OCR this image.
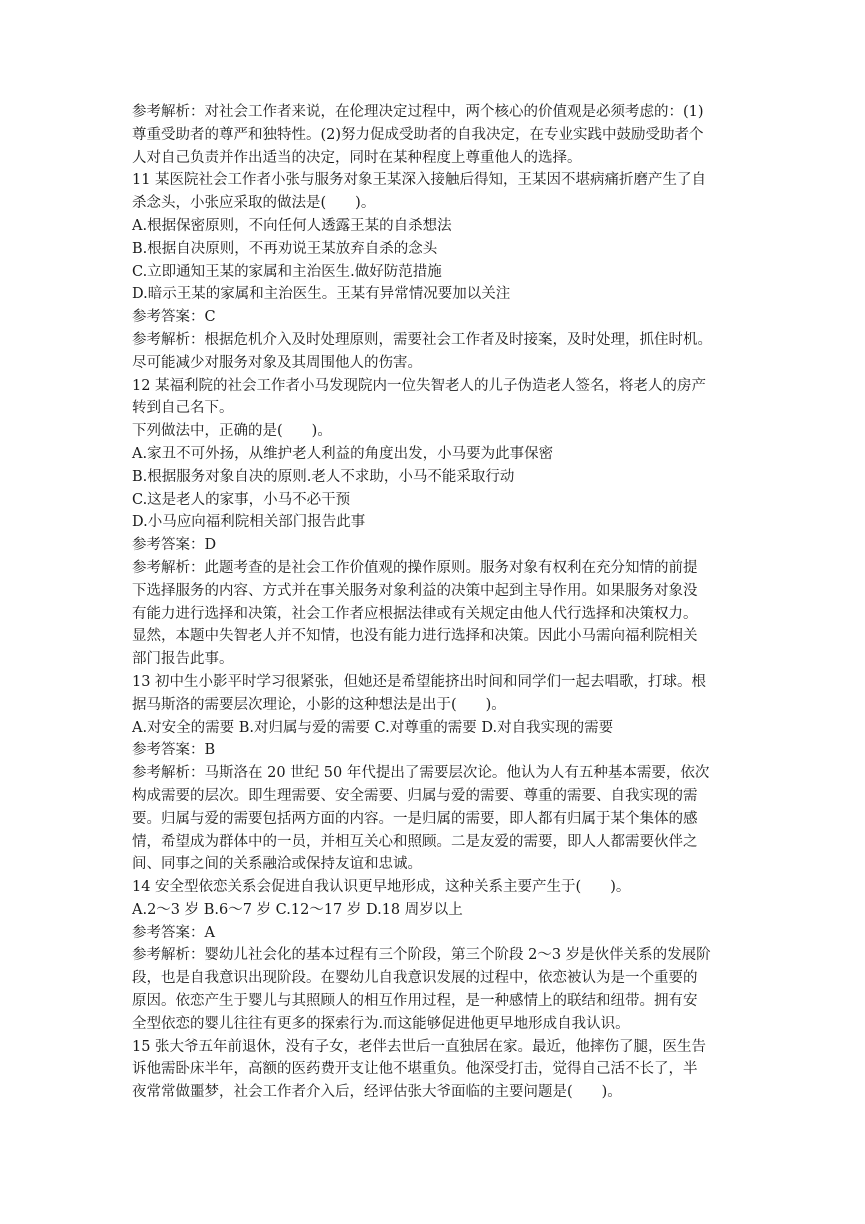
参考解析：对社会工作者来说，在伦理决定过程中，两个核心的价值观是必须考虑的：(1)
尊重受助者的尊严和独特性。(2)努力促成受助者的自我决定，在专业实践中鼓励受助者个
人对自己负责并作出适当的决定，同时在某种程度上尊重他人的选择。
11 某医院社会工作者小张与服务对象王某深入接触后得知，王某因不堪病痛折磨产生了自
杀念头，小张应采取的做法是(　　)。
A.根据保密原则，不向任何人透露王某的自杀想法
B.根据自决原则，不再劝说王某放弃自杀的念头
C.立即通知王某的家属和主治医生.做好防范措施
D.暗示王某的家属和主治医生。王某有异常情况要加以关注
参考答案：C
参考解析：根据危机介入及时处理原则，需要社会工作者及时接案，及时处理，抓住时机。
尽可能减少对服务对象及其周围他人的伤害。
12 某福利院的社会工作者小马发现院内一位失智老人的儿子伪造老人签名，将老人的房产
转到自己名下。
下列做法中，正确的是(　　)。
A.家丑不可外扬，从维护老人利益的角度出发，小马要为此事保密
B.根据服务对象自决的原则.老人不求助，小马不能采取行动
C.这是老人的家事，小马不必干预
D.小马应向福利院相关部门报告此事
参考答案：D
参考解析：此题考查的是社会工作价值观的操作原则。服务对象有权利在充分知情的前提
下选择服务的内容、方式并在事关服务对象利益的决策中起到主导作用。如果服务对象没
有能力进行选择和决策，社会工作者应根据法律或有关规定由他人代行选择和决策权力。
显然，本题中失智老人并不知情，也没有能力进行选择和决策。因此小马需向福利院相关
部门报告此事。
13 初中生小影平时学习很紧张，但她还是希望能挤出时间和同学们一起去唱歌，打球。根
据马斯洛的需要层次理论，小影的这种想法是出于(　　)。
A.对安全的需要 B.对归属与爱的需要 C.对尊重的需要 D.对自我实现的需要
参考答案：B
参考解析：马斯洛在 20 世纪 50 年代提出了需要层次论。他认为人有五种基本需要，依次
构成需要的层次。即生理需要、安全需要、归属与爱的需要、尊重的需要、自我实现的需
要。归属与爱的需要包括两方面的内容。一是归属的需要，即人都有归属于某个集体的感
情，希望成为群体中的一员，并相互关心和照顾。二是友爱的需要，即人人都需要伙伴之
间、同事之间的关系融洽或保持友谊和忠诚。
14 安全型依恋关系会促进自我认识更早地形成，这种关系主要产生于(　　)。
A.2～3 岁 B.6～7 岁 C.12～17 岁 D.18 周岁以上
参考答案：A
参考解析：婴幼儿社会化的基本过程有三个阶段，第三个阶段 2～3 岁是伙伴关系的发展阶
段，也是自我意识出现阶段。在婴幼儿自我意识发展的过程中，依恋被认为是一个重要的
原因。依恋产生于婴儿与其照顾人的相互作用过程，是一种感情上的联结和纽带。拥有安
全型依恋的婴儿往往有更多的探索行为.而这能够促进他更早地形成自我认识。
15 张大爷五年前退休，没有子女，老伴去世后一直独居在家。最近，他摔伤了腿，医生告
诉他需卧床半年，高额的医药费开支让他不堪重负。他深受打击，觉得自己活不长了，半
夜常常做噩梦，社会工作者介入后，经评估张大爷面临的主要问题是(　　)。
